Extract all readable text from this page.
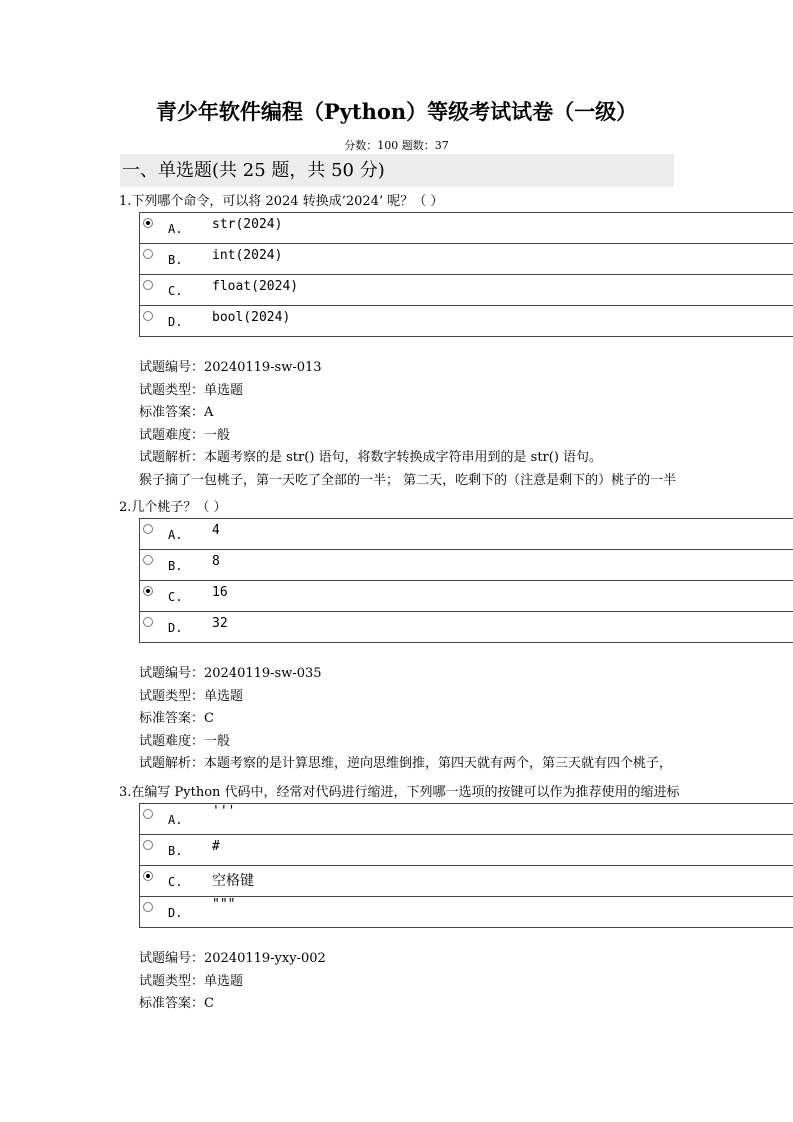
青少年软件编程（Python）等级考试试卷（一级）
分数：100 题数：37
一、单选题(共 25 题，共 50 分)
1.下列哪个命令，可以将 2024 转换成’2024’ 呢？（ ）
A. str(2024)
B. int(2024)
C. float(2024)
D. bool(2024)
试题编号：20240119-sw-013
试题类型：单选题
标准答案：A
试题难度：一般
试题解析：本题考察的是 str() 语句，将数字转换成字符串用到的是 str() 语句。
猴子摘了一包桃子，第一天吃了全部的一半； 第二天，吃剩下的（注意是剩下的）桃子的一半
2.几个桃子？（ ）
A. 4
B. 8
C. 16
D. 32
试题编号：20240119-sw-035
试题类型：单选题
标准答案：C
试题难度：一般
试题解析：本题考察的是计算思维，逆向思维倒推，第四天就有两个，第三天就有四个桃子，
3.在编写 Python 代码中，经常对代码进行缩进，下列哪一选项的按键可以作为推荐使用的缩进标
A.
'''
B. #
C. 空格键
D.
"""
试题编号：20240119-yxy-002
试题类型：单选题
标准答案：C
